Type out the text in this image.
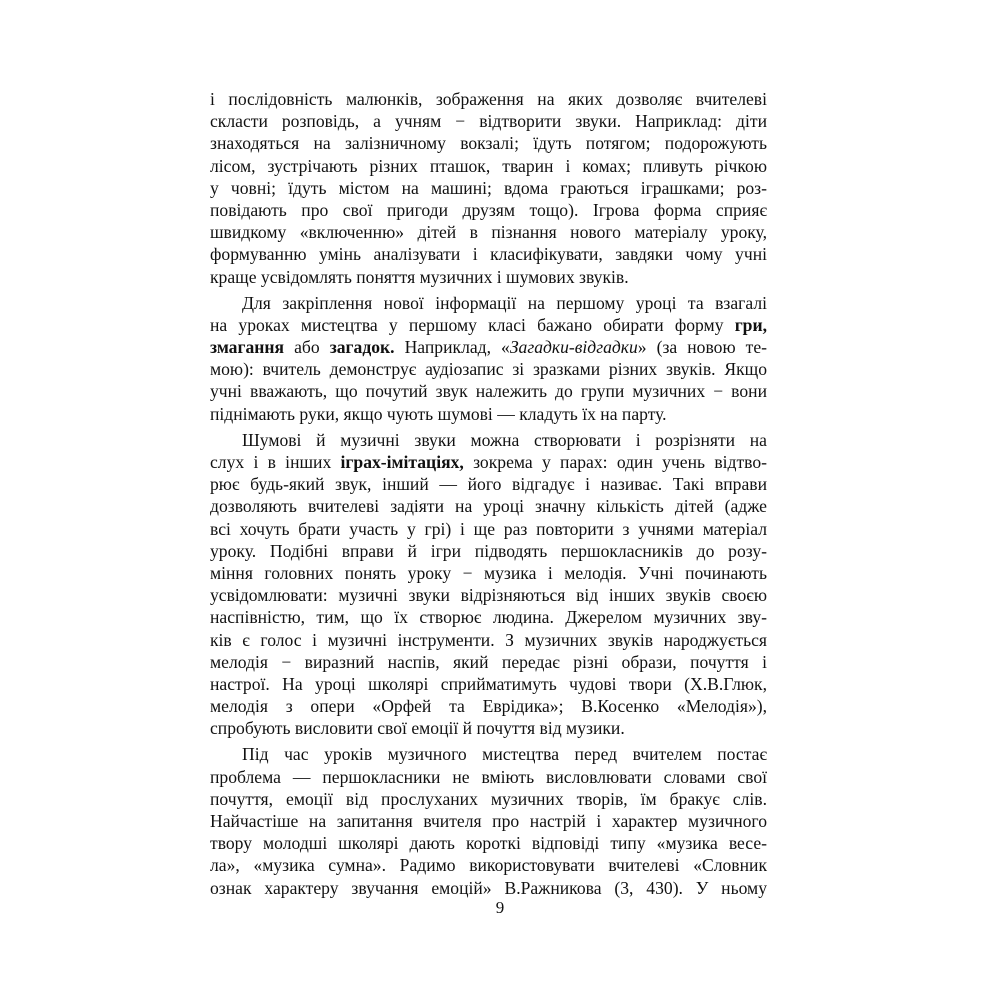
і послідовність малюнків, зображення на яких дозволяє вчителеві
скласти розповідь, а учням − відтворити звуки. Наприклад: діти
знаходяться на залізничному вокзалі; їдуть потягом; подорожують
лісом, зустрічають різних пташок, тварин і комах; пливуть річкою
у човні; їдуть містом на машині; вдома граються іграшками; роз-
повідають про свої пригоди друзям тощо). Ігрова форма сприяє
швидкому «включенню» дітей в пізнання нового матеріалу уроку,
формуванню умінь аналізувати і класифікувати, завдяки чому учні
краще усвідомлять поняття музичних і шумових звуків.
Для закріплення нової інформації на першому уроці та взагалі
на уроках мистецтва у першому класі бажано обирати форму гри,
змагання або загадок. Наприклад, «Загадки-відгадки» (за новою те-
мою): вчитель демонструє аудіозапис зі зразками різних звуків. Якщо
учні вважають, що почутий звук належить до групи музичних − вони
піднімають руки, якщо чують шумові — кладуть їх на парту.
Шумові й музичні звуки можна створювати і розрізняти на
слух і в інших іграх-імітаціях, зокрема у парах: один учень відтво-
рює будь-який звук, інший — його відгадує і називає. Такі вправи
дозволяють вчителеві задіяти на уроці значну кількість дітей (адже
всі хочуть брати участь у грі) і ще раз повторити з учнями матеріал
уроку. Подібні вправи й ігри підводять першокласників до розу-
міння головних понять уроку − музика і мелодія. Учні починають
усвідомлювати: музичні звуки відрізняються від інших звуків своєю
наспівністю, тим, що їх створює людина. Джерелом музичних зву-
ків є голос і музичні інструменти. З музичних звуків народжується
мелодія − виразний наспів, який передає різні образи, почуття і
настрої. На уроці школярі сприйматимуть чудові твори (Х.В.Глюк,
мелодія з опери «Орфей та Еврідика»; В.Косенко «Мелодія»),
спробують висловити свої емоції й почуття від музики.
Під час уроків музичного мистецтва перед вчителем постає
проблема — першокласники не вміють висловлювати словами свої
почуття, емоції від прослуханих музичних творів, їм бракує слів.
Найчастіше на запитання вчителя про настрій і характер музичного
твору молодші школярі дають короткі відповіді типу «музика весе-
ла», «музика сумна». Радимо використовувати вчителеві «Словник
ознак характеру звучання емоцій» В.Ражникова (3, 430). У ньому
9
